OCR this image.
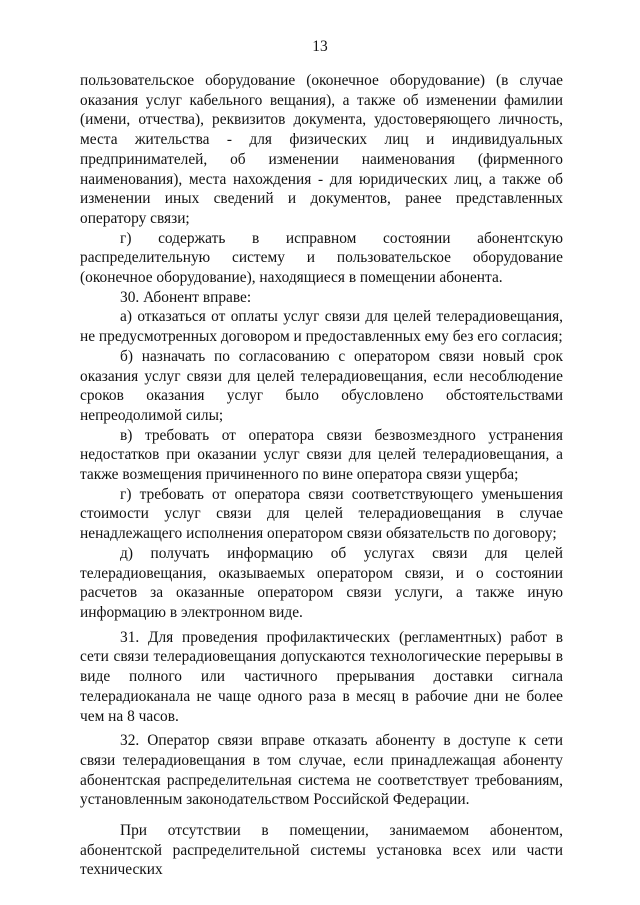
13

пользовательское оборудование (оконечное оборудование) (в случае оказания услуг кабельного вещания), а также об изменении фамилии (имени, отчества), реквизитов документа, удостоверяющего личность, места жительства - для физических лиц и индивидуальных предпринимателей, об изменении наименования (фирменного наименования), места нахождения - для юридических лиц, а также об изменении иных сведений и документов, ранее представленных оператору связи;

г) содержать в исправном состоянии абонентскую распределительную систему и пользовательское оборудование (оконечное оборудование), находящиеся в помещении абонента.

30. Абонент вправе:

а) отказаться от оплаты услуг связи для целей телерадиовещания, не предусмотренных договором и предоставленных ему без его согласия;

б) назначать по согласованию с оператором связи новый срок оказания услуг связи для целей телерадиовещания, если несоблюдение сроков оказания услуг было обусловлено обстоятельствами непреодолимой силы;

в) требовать от оператора связи безвозмездного устранения недостатков при оказании услуг связи для целей телерадиовещания, а также возмещения причиненного по вине оператора связи ущерба;

г) требовать от оператора связи соответствующего уменьшения стоимости услуг связи для целей телерадиовещания в случае ненадлежащего исполнения оператором связи обязательств по договору;

д) получать информацию об услугах связи для целей телерадиовещания, оказываемых оператором связи, и о состоянии расчетов за оказанные оператором связи услуги, а также иную информацию в электронном виде.

31. Для проведения профилактических (регламентных) работ в сети связи телерадиовещания допускаются технологические перерывы в виде полного или частичного прерывания доставки сигнала телерадиоканала не чаще одного раза в месяц в рабочие дни не более чем на 8 часов.

32. Оператор связи вправе отказать абоненту в доступе к сети связи телерадиовещания в том случае, если принадлежащая абоненту абонентская распределительная система не соответствует требованиям, установленным законодательством Российской Федерации.

При отсутствии в помещении, занимаемом абонентом, абонентской распределительной системы установка всех или части технических
